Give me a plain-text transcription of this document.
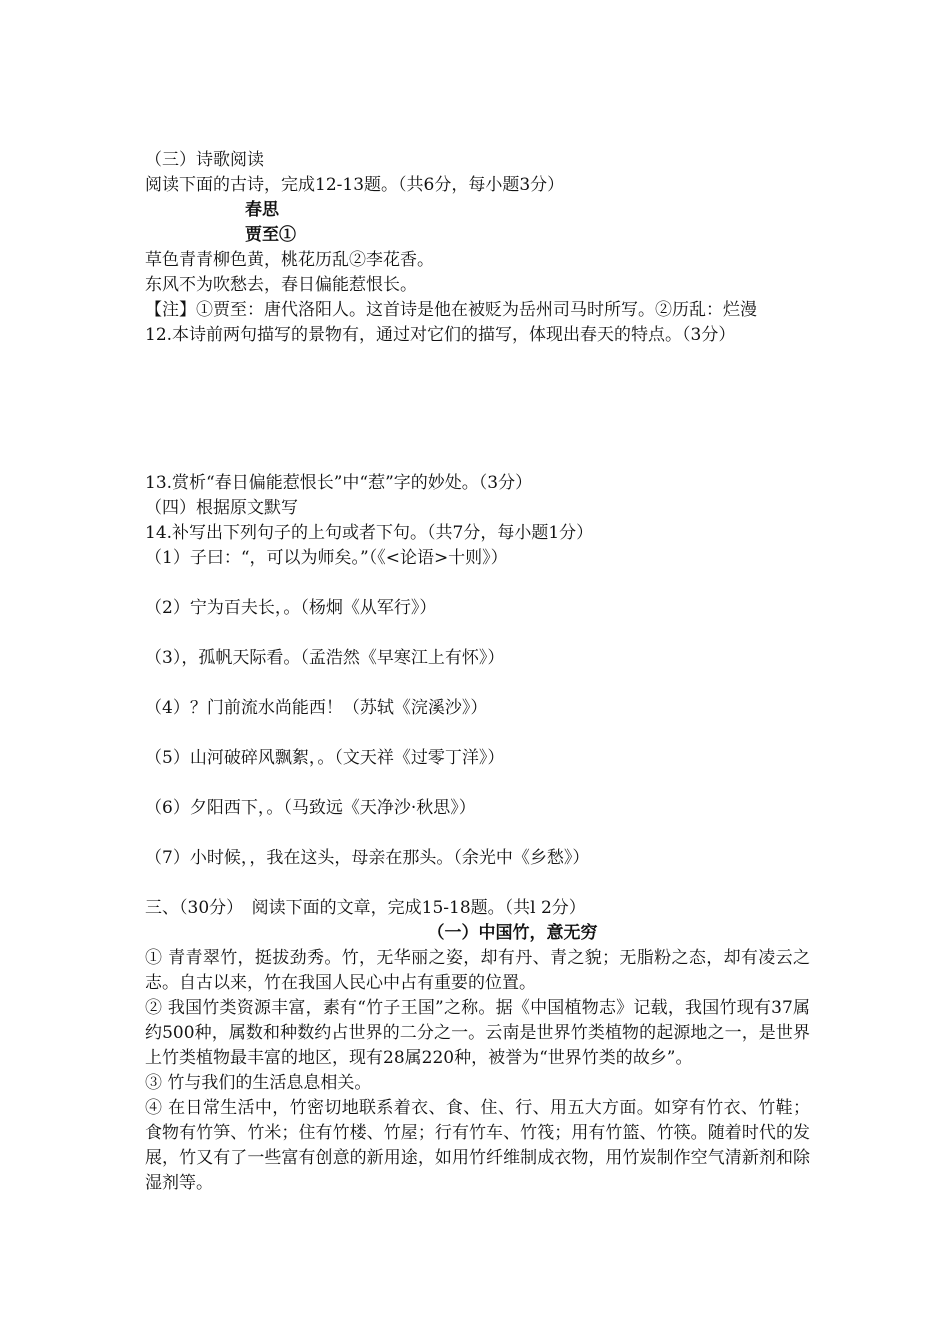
（三）诗歌阅读

阅读下面的古诗，完成12-13题。（共6分，每小题3分）

春思

贾至①

草色青青柳色黄，桃花历乱②李花香。

东风不为吹愁去，春日偏能惹恨长。

【注】①贾至：唐代洛阳人。这首诗是他在被贬为岳州司马时所写。②历乱：烂漫

12.本诗前两句描写的景物有，通过对它们的描写，体现出春天的特点。（3分）

13.赏析“春日偏能惹恨长”中“惹”字的妙处。（3分）

（四）根据原文默写

14.补写出下列句子的上句或者下句。（共7分，每小题1分）

（1）子曰：“，可以为师矣。”（《<论语>十则》）

（2）宁为百夫长，。（杨炯《从军行》）

（3），孤帆天际看。（孟浩然《早寒江上有怀》）

（4）？门前流水尚能西！（苏轼《浣溪沙》）

（5）山河破碎风飘絮，。（文天祥《过零丁洋》）

（6）夕阳西下，。（马致远《天净沙·秋思》）

（7）小时候，，我在这头，母亲在那头。（余光中《乡愁》）

三、（30分）　阅读下面的文章，完成15-18题。（共l 2分）

（一）中国竹，意无穷

① 青青翠竹，挺拔劲秀。竹，无华丽之姿，却有丹、青之貌；无脂粉之态，却有凌云之志。自古以来，竹在我国人民心中占有重要的位置。

② 我国竹类资源丰富，素有“竹子王国”之称。据《中国植物志》记载，我国竹现有37属约500种，属数和种数约占世界的二分之一。云南是世界竹类植物的起源地之一，是世界上竹类植物最丰富的地区，现有28属220种，被誉为“世界竹类的故乡”。

③ 竹与我们的生活息息相关。

④ 在日常生活中，竹密切地联系着衣、食、住、行、用五大方面。如穿有竹衣、竹鞋；食物有竹笋、竹米；住有竹楼、竹屋；行有竹车、竹筏；用有竹篮、竹筷。随着时代的发展，竹又有了一些富有创意的新用途，如用竹纤维制成衣物，用竹炭制作空气清新剂和除湿剂等。
